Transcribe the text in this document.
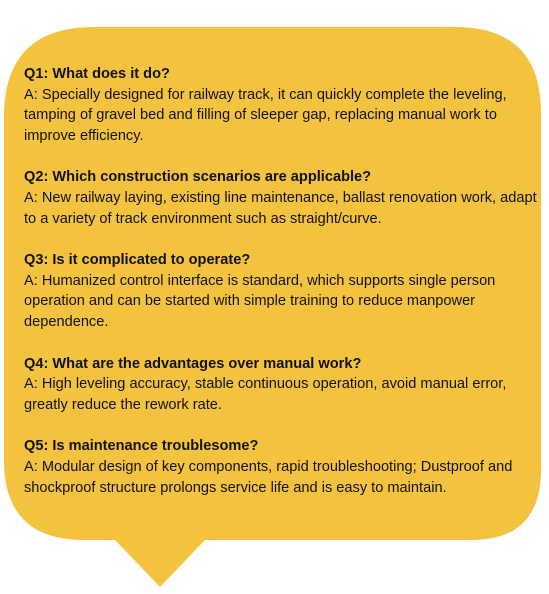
Q1: What does it do?
A: Specially designed for railway track, it can quickly complete the leveling, tamping of gravel bed and filling of sleeper gap, replacing manual work to improve efficiency.
Q2: Which construction scenarios are applicable?
A: New railway laying, existing line maintenance, ballast renovation work, adapt to a variety of track environment such as straight/curve.
Q3: Is it complicated to operate?
A: Humanized control interface is standard, which supports single person operation and can be started with simple training to reduce manpower dependence.
Q4: What are the advantages over manual work?
A: High leveling accuracy, stable continuous operation, avoid manual error, greatly reduce the rework rate.
Q5: Is maintenance troublesome?
A: Modular design of key components, rapid troubleshooting; Dustproof and shockproof structure prolongs service life and is easy to maintain.
